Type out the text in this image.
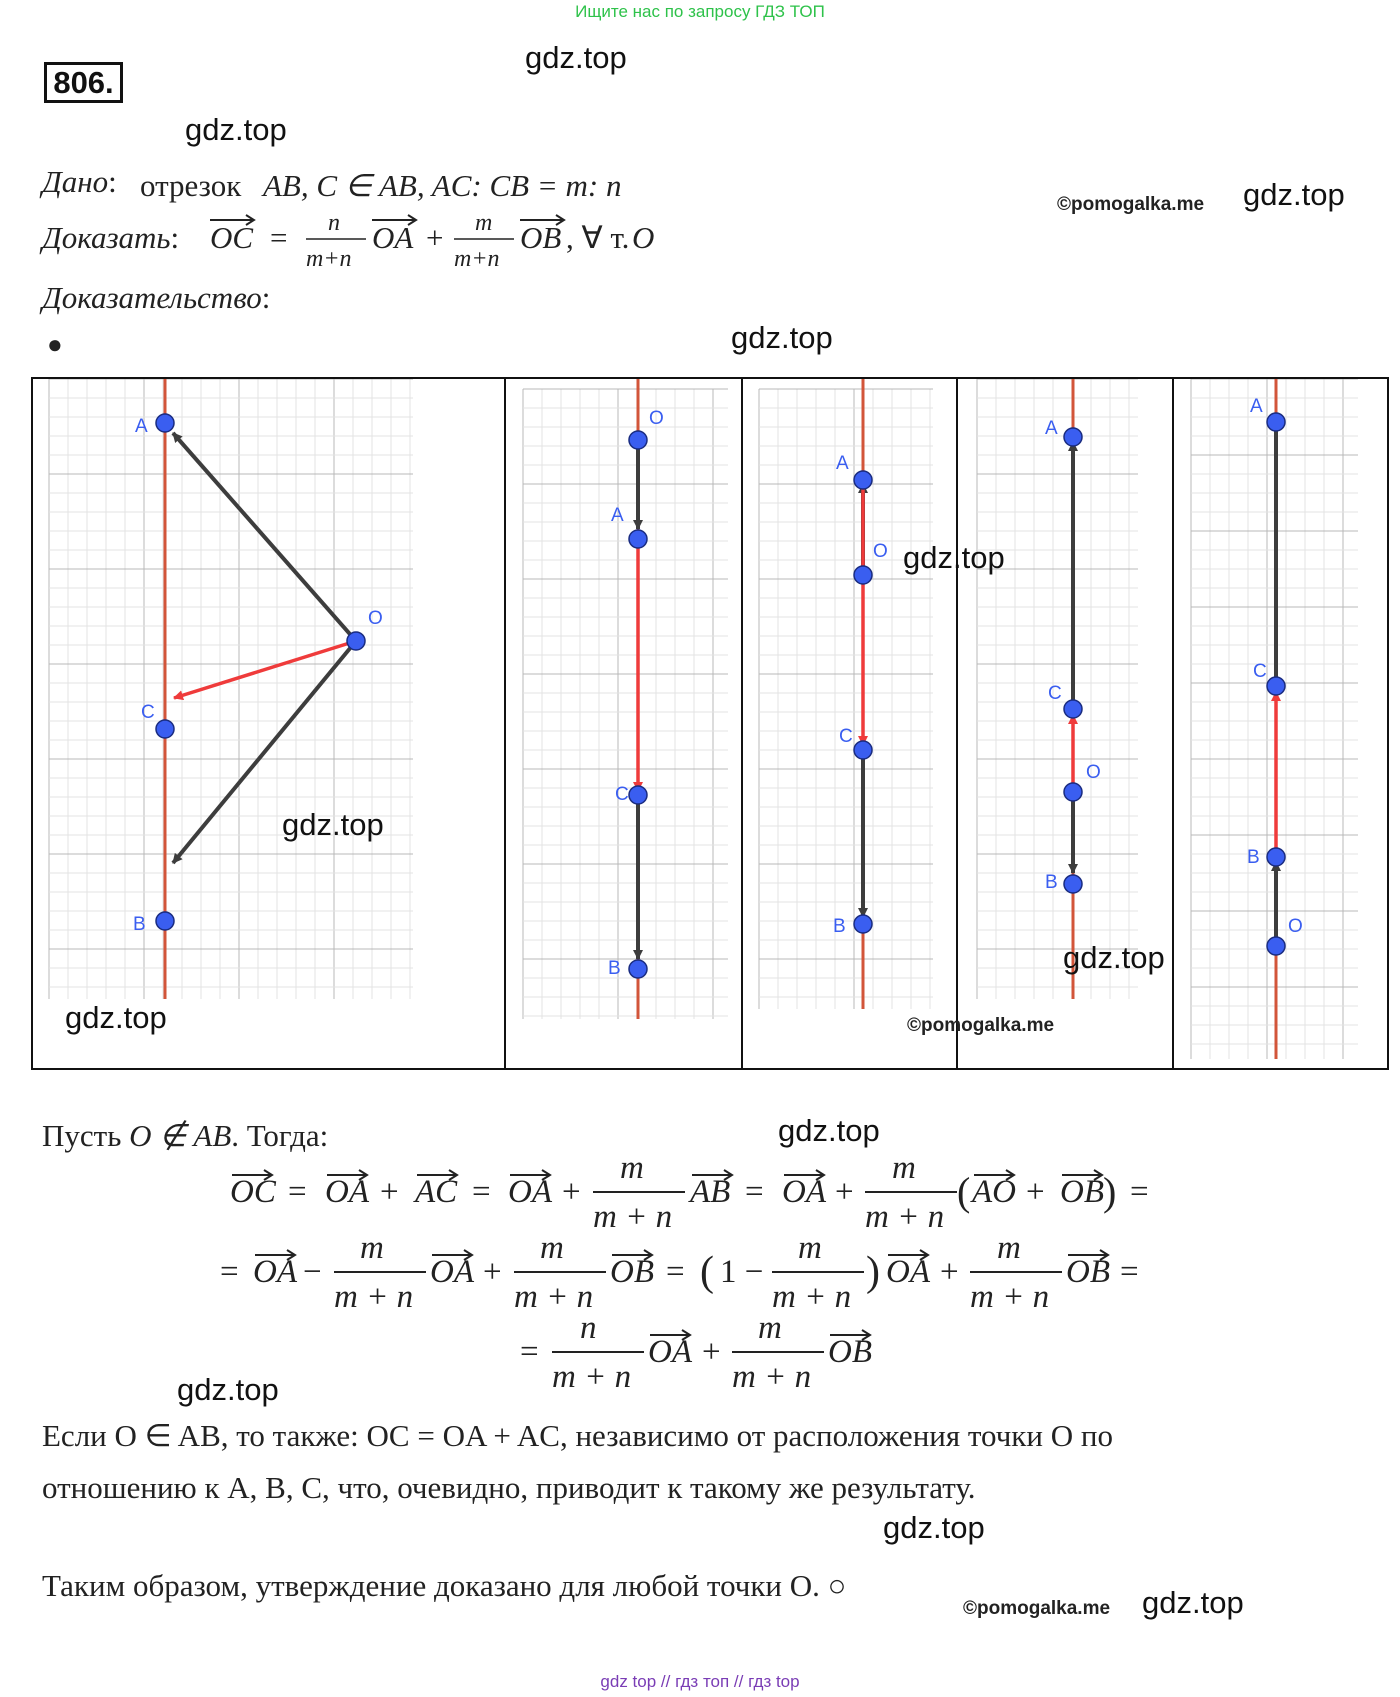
Ищите нас по запросу ГДЗ ТОП
806.
gdz.top
gdz.top
gdz.top
©pomogalka.me
gdz.top
Дано: отрезок AB, C ∈ AB, AC: CB = m: n
Доказать: OC = n
m+n
OA + m
m+n
OB , ∀ т. O
Доказательство:
●
A
O
C
B
O
A
C
B
A
O
C
B
A
C
O
B
A
C
B
O
gdz.top
gdz.top
gdz.top
gdz.top
©pomogalka.me
Пусть O ∉ AB. Тогда:	gdz.top
OC = OA + AC = OA +
m
m + n
AB = OA +
m
m + n
( AO + OB ) =
= OA −
m
m + n
OA +
m
m + n
OB = ( 1 −
m
m + n
) OA +
m
m + n
OB =
=
n
m + n
OA +
m
m + n
OB
gdz.top
Если O ∈ AB, то также: OC = OA + AC, независимо от расположения точки O по
отношению к A, B, C, что, очевидно, приводит к такому же результату.
gdz.top
Таким образом, утверждение доказано для любой точки O. ○
©pomogalka.me gdz.top
gdz top // гдз топ // гдз top
